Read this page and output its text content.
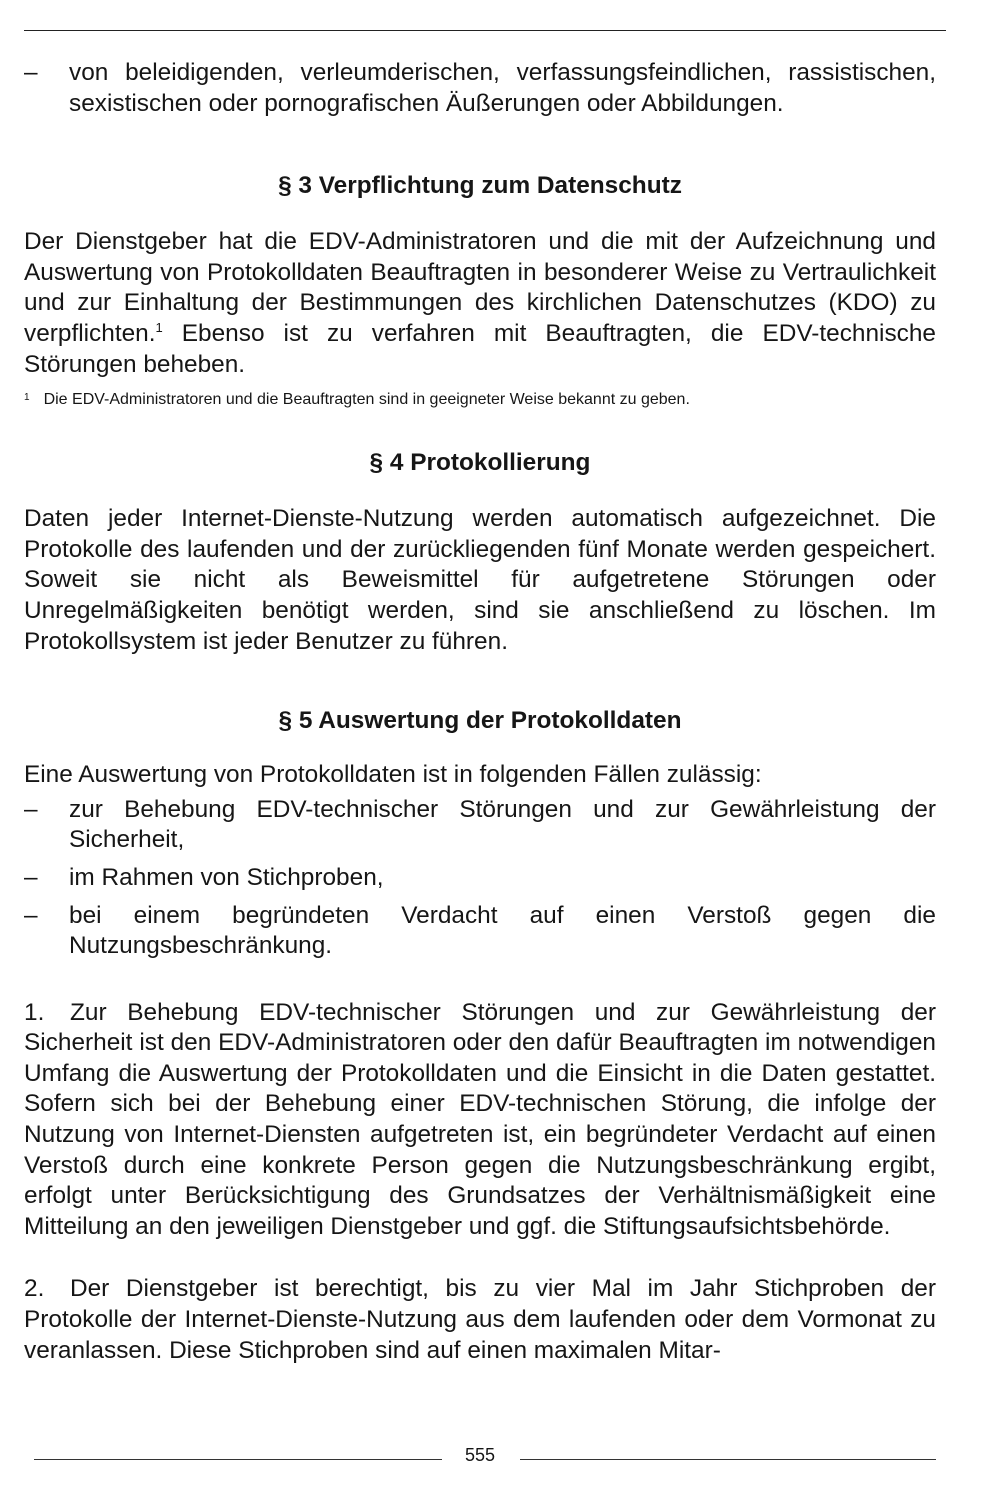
– von beleidigenden, verleumderischen, verfassungsfeindlichen, rassistischen, sexistischen oder pornografischen Äußerungen oder Abbildungen.
§ 3 Verpflichtung zum Datenschutz

Der Dienstgeber hat die EDV-Administratoren und die mit der Aufzeichnung und Auswertung von Protokolldaten Beauftragten in besonderer Weise zu Vertraulichkeit und zur Einhaltung der Bestimmungen des kirchlichen Datenschutzes (KDO) zu verpflichten.$^1$ Ebenso ist zu verfahren mit Beauftragten, die EDV-technische Störungen beheben.

$^1$ Die EDV-Administratoren und die Beauftragten sind in geeigneter Weise bekannt zu geben.
§ 4 Protokollierung

Daten jeder Internet-Dienste-Nutzung werden automatisch aufgezeichnet. Die Protokolle des laufenden und der zurückliegenden fünf Monate werden gespeichert. Soweit sie nicht als Beweismittel für aufgetretene Störungen oder Unregelmäßigkeiten benötigt werden, sind sie anschließend zu löschen. Im Protokollsystem ist jeder Benutzer zu führen.

§ 5 Auswertung der Protokolldaten

Eine Auswertung von Protokolldaten ist in folgenden Fällen zulässig:

– zur Behebung EDV-technischer Störungen und zur Gewährleistung der Sicherheit,
– im Rahmen von Stichproben,
– bei einem begründeten Verdacht auf einen Verstoß gegen die Nutzungsbeschränkung.

1. Zur Behebung EDV-technischer Störungen und zur Gewährleistung der Sicherheit ist den EDV-Administratoren oder den dafür Beauftragten im notwendigen Umfang die Auswertung der Protokolldaten und die Einsicht in die Daten gestattet. Sofern sich bei der Behebung einer EDV-technischen Störung, die infolge der Nutzung von Internet-Diensten aufgetreten ist, ein begründeter Verdacht auf einen Verstoß durch eine konkrete Person gegen die Nutzungsbeschränkung ergibt, erfolgt unter Berücksichtigung des Grundsatzes der Verhältnismäßigkeit eine Mitteilung an den jeweiligen Dienstgeber und ggf. die Stiftungsaufsichtsbehörde.

2. Der Dienstgeber ist berechtigt, bis zu vier Mal im Jahr Stichproben der Protokolle der Internet-Dienste-Nutzung aus dem laufenden oder dem Vormonat zu veranlassen. Diese Stichproben sind auf einen maximalen Mitar-

555
